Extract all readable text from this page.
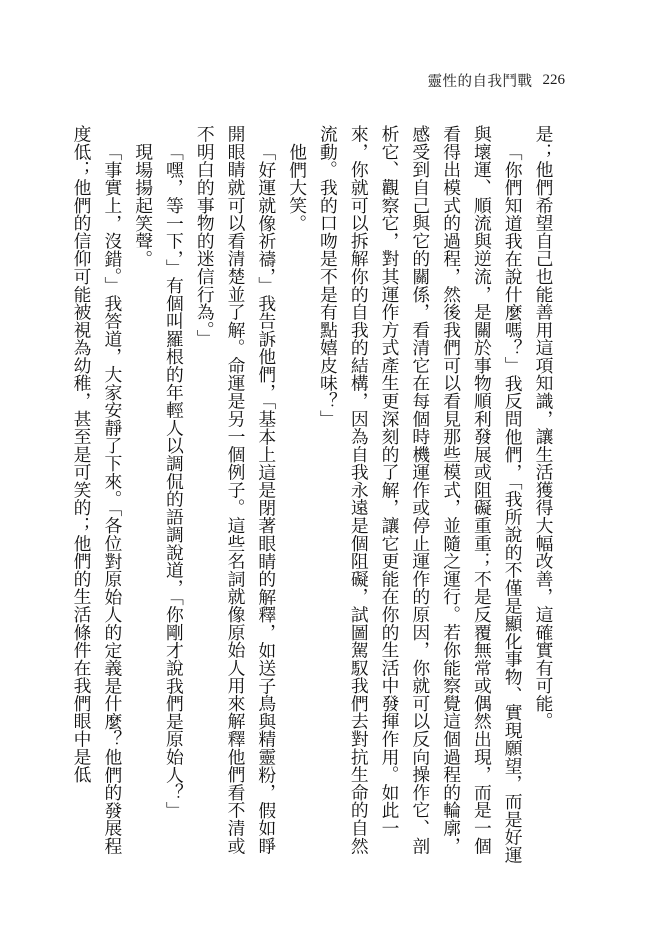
靈性的自我鬥戰 226

是；他們希望自己也能善用這項知識，讓生活獲得大幅改善，這確實有可能。

「你們知道我在說什麼嗎？」我反問他們，「我所說的不僅是顯化事物、實現願望，而是好運與壞運、順流與逆流，是關於事物順利發展或阻礙重重；不是反覆無常或偶然出現，而是一個看得出模式的過程，然後我們可以看見那些模式，並隨之運行。若你能察覺這個過程的輪廓，感受到自己與它的關係，看清它在每個時機運作或停止運作的原因，你就可以反向操作它、剖析它、觀察它，對其運作方式產生更深刻的了解，讓它更能在你的生活中發揮作用。如此一來，你就可以拆解你的自我的結構，因為自我永遠是個阻礙，試圖駕馭我們去對抗生命的自然流動。我的口吻是不是有點嬉皮味？」

他們大笑。

「好運就像祈禱，」我告訴他們，「基本上這是閉著眼睛的解釋，如送子鳥與精靈粉，假如睜開眼睛就可以看清楚並了解。命運是另一個例子。這些名詞就像原始人用來解釋他們看不清或不明白的事物的迷信行為。」

「嘿，等一下，」有個叫羅根的年輕人以調侃的語調說道，「你剛才說我們是原始人？」

現場揚起笑聲。

「事實上，沒錯。」我答道，大家安靜了下來。「各位對原始人的定義是什麼？他們的發展程度低；他們的信仰可能被視為幼稚，甚至是可笑的；他們的生活條件在我們眼中是低
